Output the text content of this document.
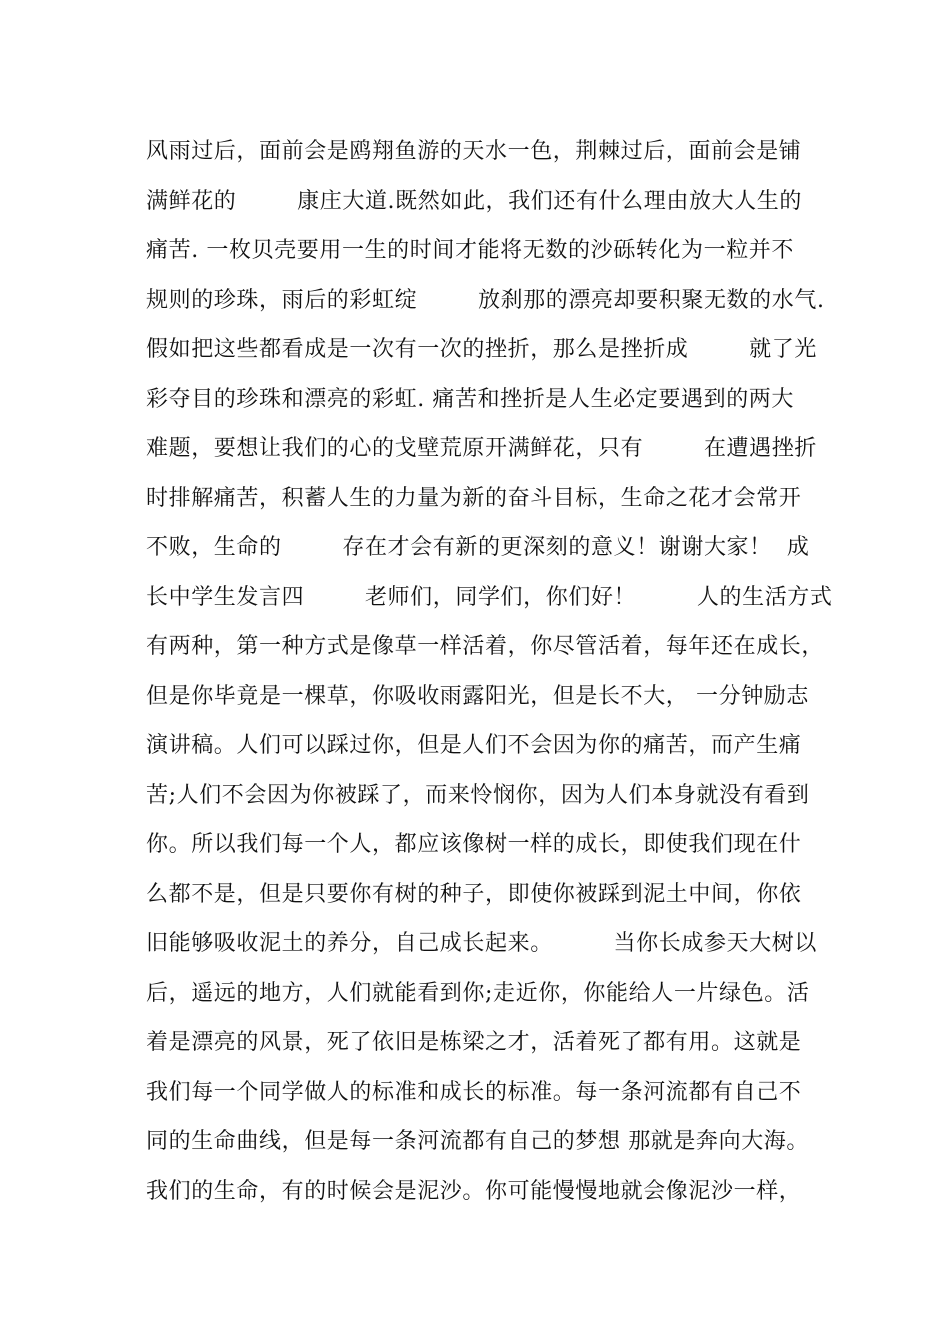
风雨过后，面前会是鸥翔鱼游的天水一色，荆棘过后，面前会是铺
满鲜花的        康庄大道.既然如此，我们还有什么理由放大人生的
痛苦. 一枚贝壳要用一生的时间才能将无数的沙砾转化为一粒并不
规则的珍珠，雨后的彩虹绽        放刹那的漂亮却要积聚无数的水气.
假如把这些都看成是一次有一次的挫折，那么是挫折成        就了光
彩夺目的珍珠和漂亮的彩虹. 痛苦和挫折是人生必定要遇到的两大
难题，要想让我们的心的戈壁荒原开满鲜花，只有        在遭遇挫折
时排解痛苦，积蓄人生的力量为新的奋斗目标，生命之花才会常开
不败，生命的        存在才会有新的更深刻的意义！谢谢大家！  成
长中学生发言四        老师们，同学们，你们好！        人的生活方式
有两种，第一种方式是像草一样活着，你尽管活着，每年还在成长，
但是你毕竟是一棵草，你吸收雨露阳光，但是长不大， 一分钟励志
演讲稿。人们可以踩过你，但是人们不会因为你的痛苦，而产生痛
苦;人们不会因为你被踩了，而来怜悯你，因为人们本身就没有看到
你。所以我们每一个人，都应该像树一样的成长，即使我们现在什
么都不是，但是只要你有树的种子，即使你被踩到泥土中间，你依
旧能够吸收泥土的养分，自己成长起来。        当你长成参天大树以
后，遥远的地方，人们就能看到你;走近你，你能给人一片绿色。活
着是漂亮的风景，死了依旧是栋梁之才，活着死了都有用。这就是
我们每一个同学做人的标准和成长的标准。每一条河流都有自己不
同的生命曲线，但是每一条河流都有自己的梦想 那就是奔向大海。
我们的生命，有的时候会是泥沙。你可能慢慢地就会像泥沙一样，
